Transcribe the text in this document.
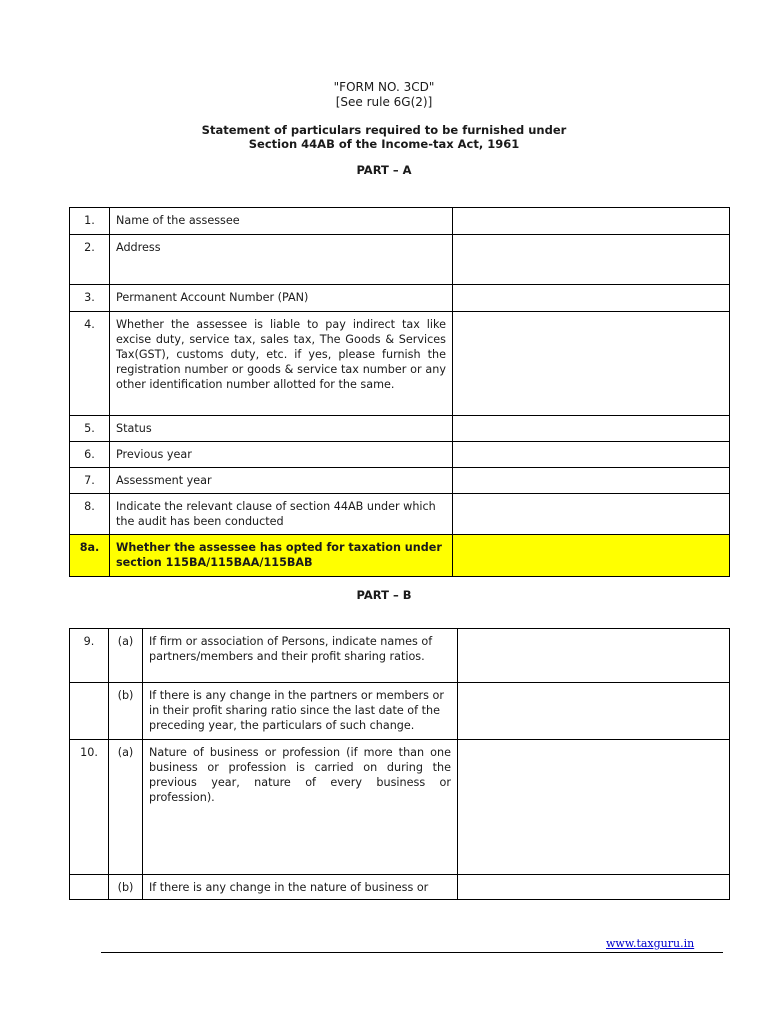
"FORM NO. 3CD"
[See rule 6G(2)]
Statement of particulars required to be furnished under
Section 44AB of the Income-tax Act, 1961
PART – A
1.	Name of the assessee	
2.	Address	
3.	Permanent Account Number (PAN)	
4.	Whether the assessee is liable to pay indirect tax like excise duty, service tax, sales tax, The Goods & Services Tax(GST), customs duty, etc. if yes, please furnish the registration number or goods & service tax number or any other identification number allotted for the same.	
5.	Status	
6.	Previous year	
7.	Assessment year	
8.	Indicate the relevant clause of section 44AB under which the audit has been conducted	
8a.	Whether the assessee has opted for taxation under section 115BA/115BAA/115BAB	
PART – B
9.	(a)	If firm or association of Persons, indicate names of partners/members and their profit sharing ratios.	
	(b)	If there is any change in the partners or members or in their profit sharing ratio since the last date of the preceding year, the particulars of such change.	
10.	(a)	Nature of business or profession (if more than one business or profession is carried on during the previous year, nature of every business or profession).	
	(b)	If there is any change in the nature of business or	
www.taxguru.in
